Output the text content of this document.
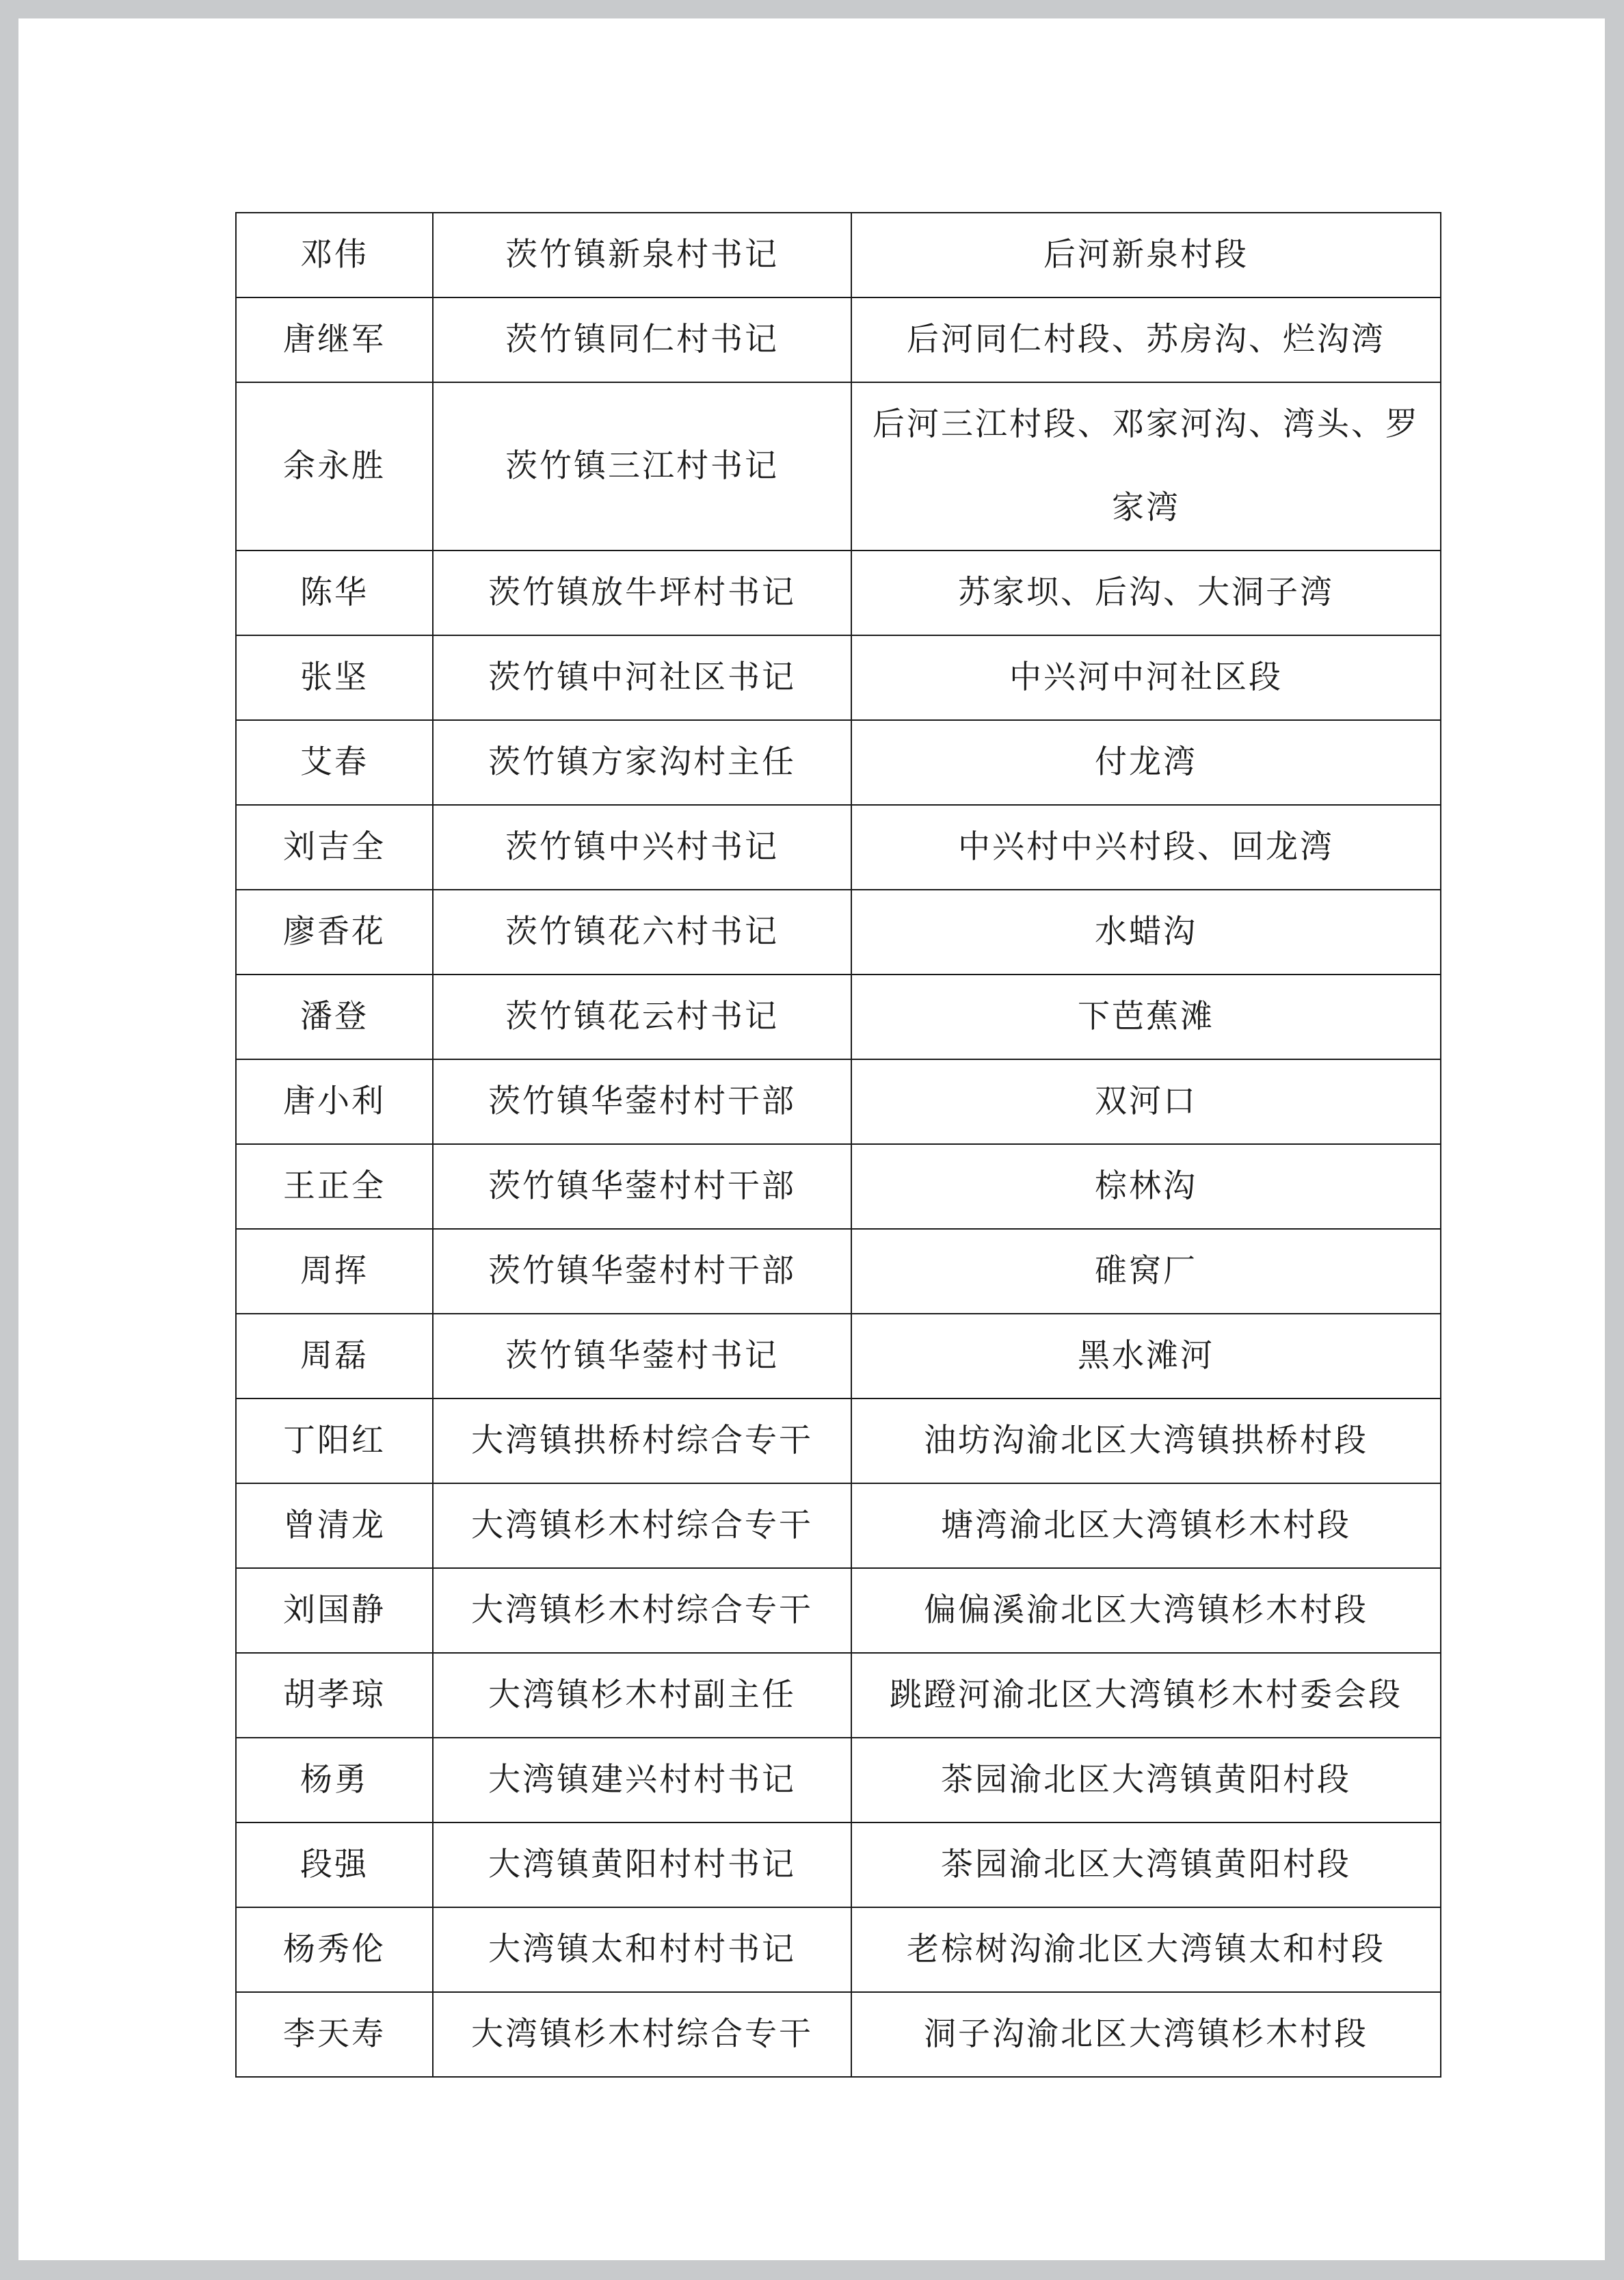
邓伟	茨竹镇新泉村书记	后河新泉村段
唐继军	茨竹镇同仁村书记	后河同仁村段、苏房沟、烂沟湾
余永胜	茨竹镇三江村书记	后河三江村段、邓家河沟、湾头、罗家湾
陈华	茨竹镇放牛坪村书记	苏家坝、后沟、大洞子湾
张坚	茨竹镇中河社区书记	中兴河中河社区段
艾春	茨竹镇方家沟村主任	付龙湾
刘吉全	茨竹镇中兴村书记	中兴村中兴村段、回龙湾
廖香花	茨竹镇花六村书记	水蜡沟
潘登	茨竹镇花云村书记	下芭蕉滩
唐小利	茨竹镇华蓥村村干部	双河口
王正全	茨竹镇华蓥村村干部	棕林沟
周挥	茨竹镇华蓥村村干部	碓窝厂
周磊	茨竹镇华蓥村书记	黑水滩河
丁阳红	大湾镇拱桥村综合专干	油坊沟渝北区大湾镇拱桥村段
曾清龙	大湾镇杉木村综合专干	塘湾渝北区大湾镇杉木村段
刘国静	大湾镇杉木村综合专干	偏偏溪渝北区大湾镇杉木村段
胡孝琼	大湾镇杉木村副主任	跳蹬河渝北区大湾镇杉木村委会段
杨勇	大湾镇建兴村村书记	茶园渝北区大湾镇黄阳村段
段强	大湾镇黄阳村村书记	茶园渝北区大湾镇黄阳村段
杨秀伦	大湾镇太和村村书记	老棕树沟渝北区大湾镇太和村段
李天寿	大湾镇杉木村综合专干	洞子沟渝北区大湾镇杉木村段
